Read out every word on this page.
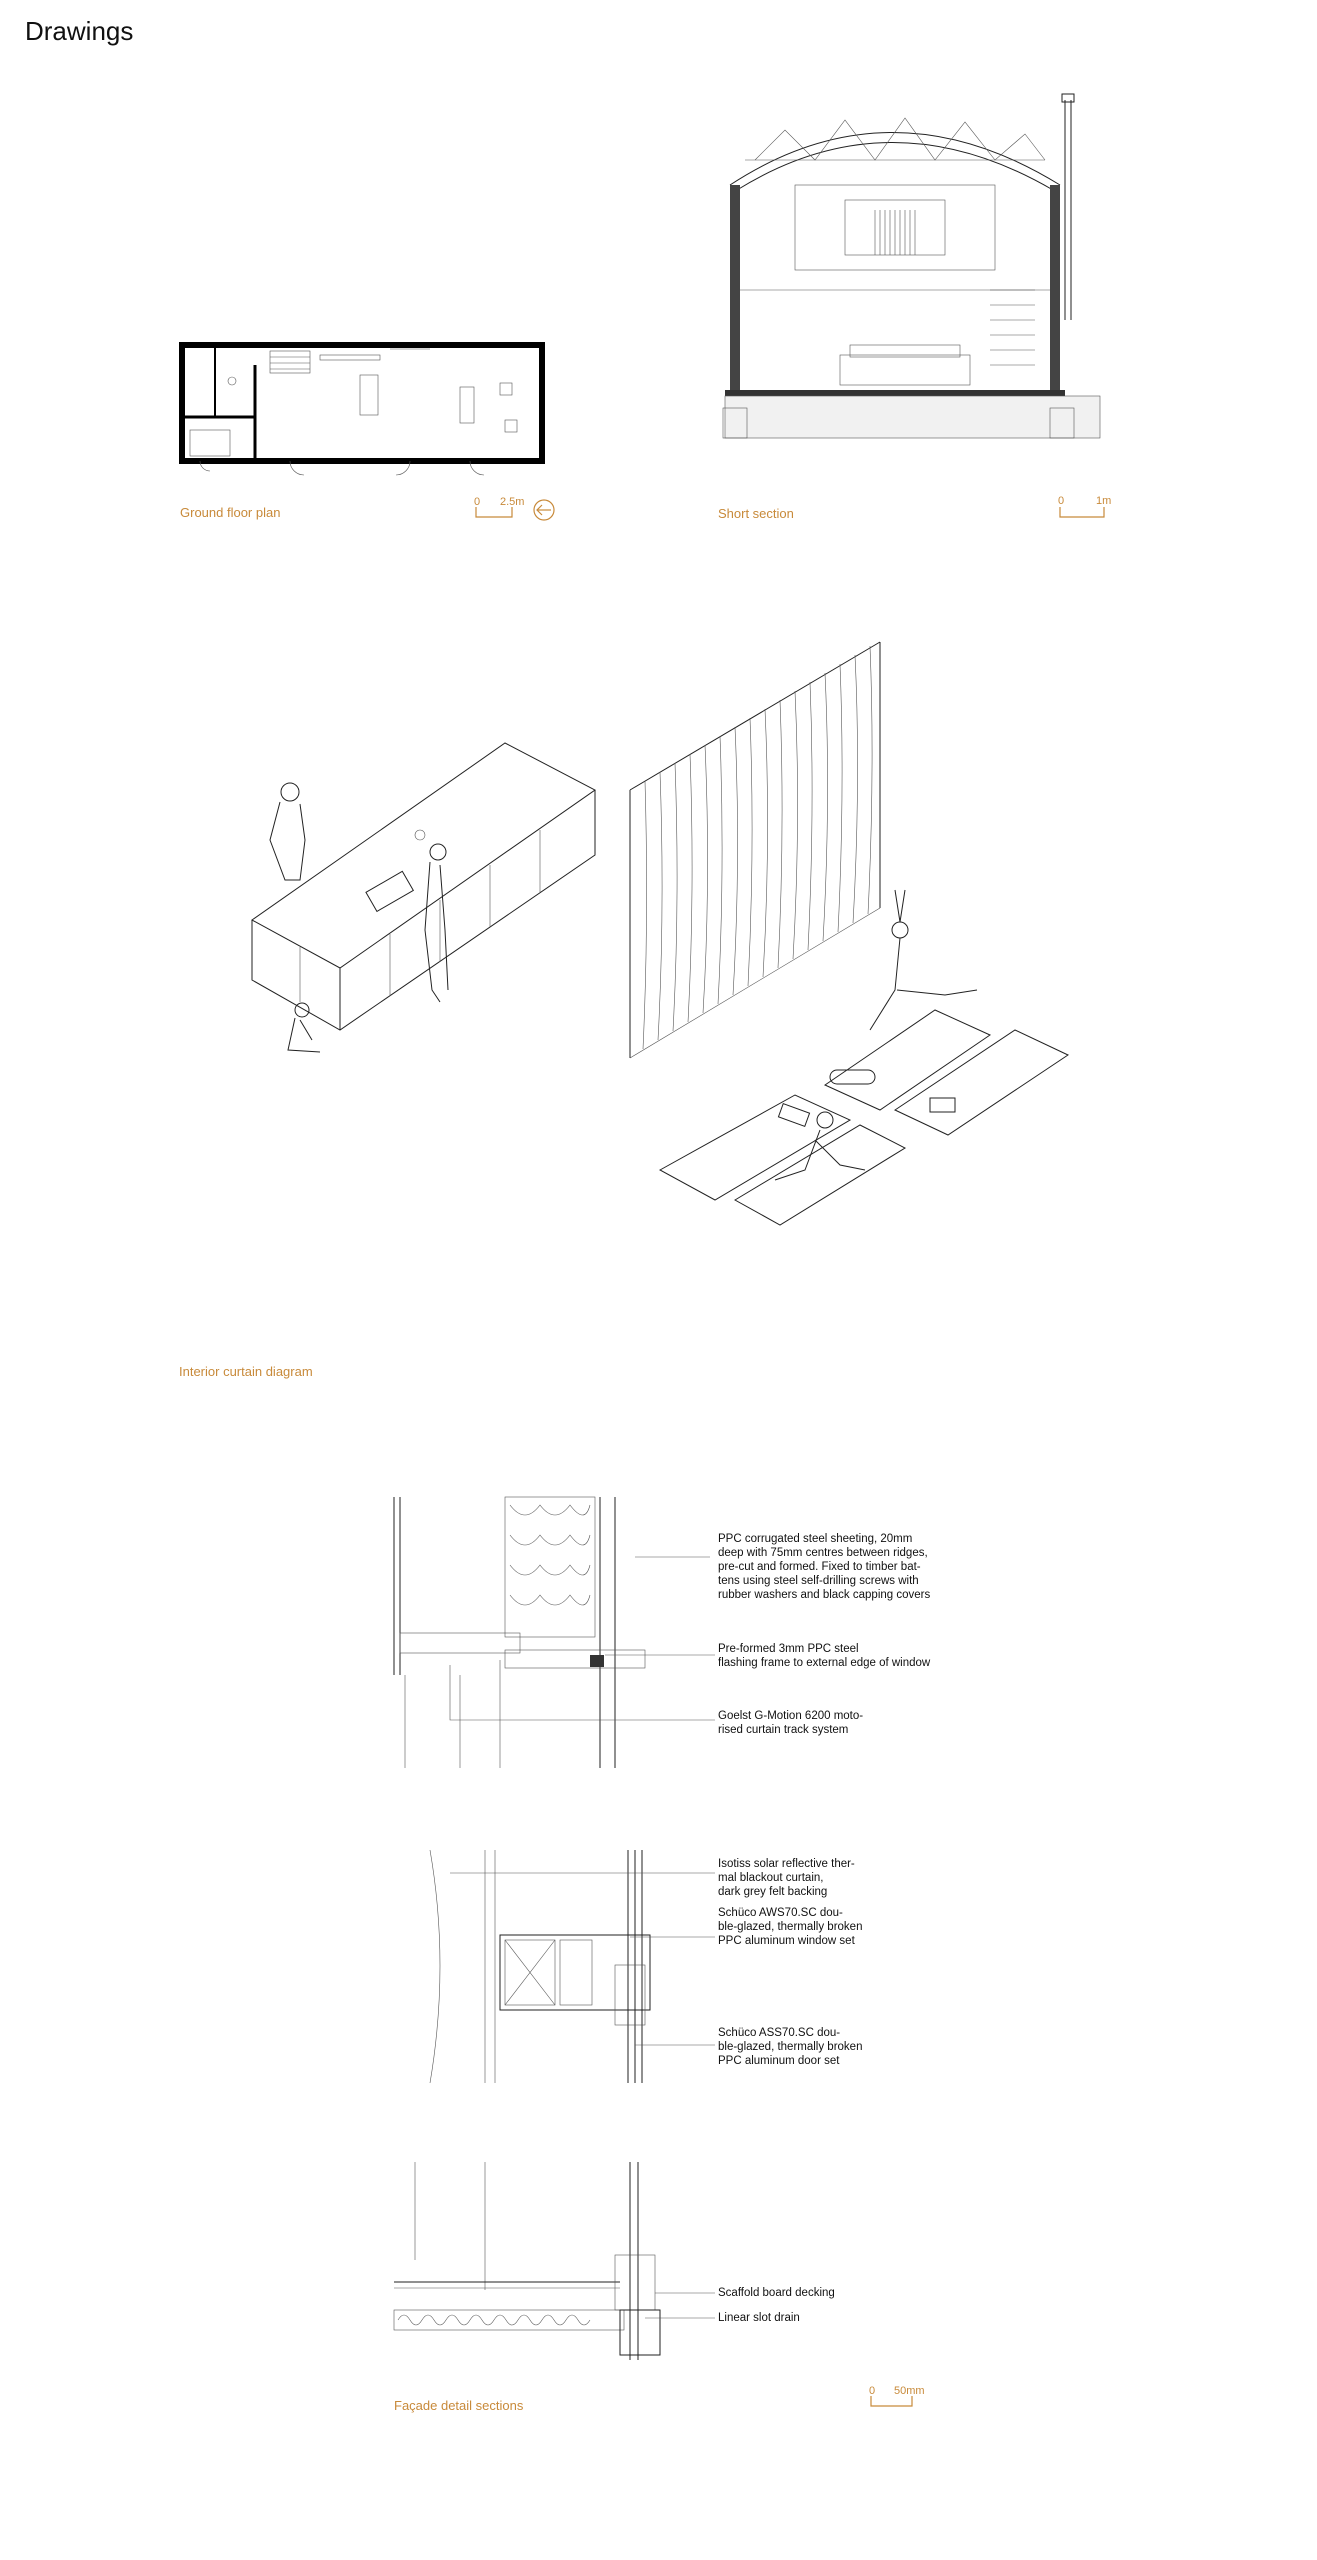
Drawings
Ground floor plan
0 2.5m
Short section
0	1m
Interior curtain diagram
PPC corrugated steel sheeting, 20mm
deep with 75mm centres between ridges,
pre-cut and formed. Fixed to timber bat-
tens using steel self-drilling screws with
rubber washers and black capping covers
Pre-formed 3mm PPC steel
flashing frame to external edge of window
Goelst G-Motion 6200 moto-
rised curtain track system
Isotiss solar reflective ther-
mal blackout curtain,
dark grey felt backing
Schüco AWS70.SC dou-
ble-glazed, thermally broken
PPC aluminum window set
Schüco ASS70.SC dou-
ble-glazed, thermally broken
PPC aluminum door set
Scaffold board decking
Linear slot drain
Façade detail sections
0 50mm
